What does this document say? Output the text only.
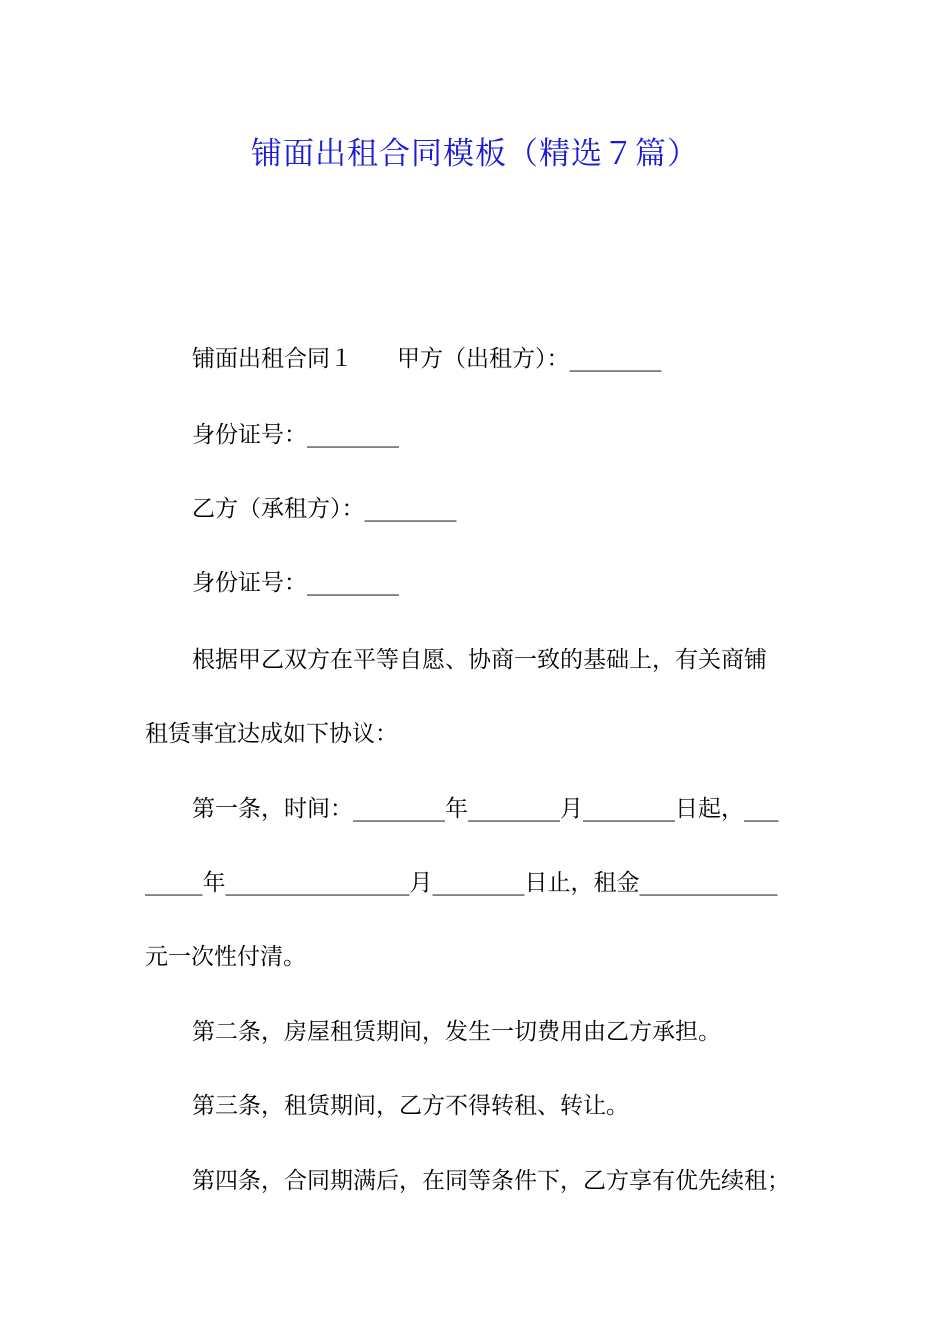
铺面出租合同模板（精选７篇）
铺面出租合同１ 甲方（出租方）：________
身份证号：________
乙方（承租方）：________
身份证号：________
根据甲乙双方在平等自愿、协商一致的基础上，有关商铺
租赁事宜达成如下协议：
第一条，时间：________年________月________日起，___
_____年________________月________日止，租金____________
元一次性付清。
第二条，房屋租赁期间，发生一切费用由乙方承担。
第三条，租赁期间，乙方不得转租、转让。
第四条，合同期满后，在同等条件下，乙方享有优先续租；
